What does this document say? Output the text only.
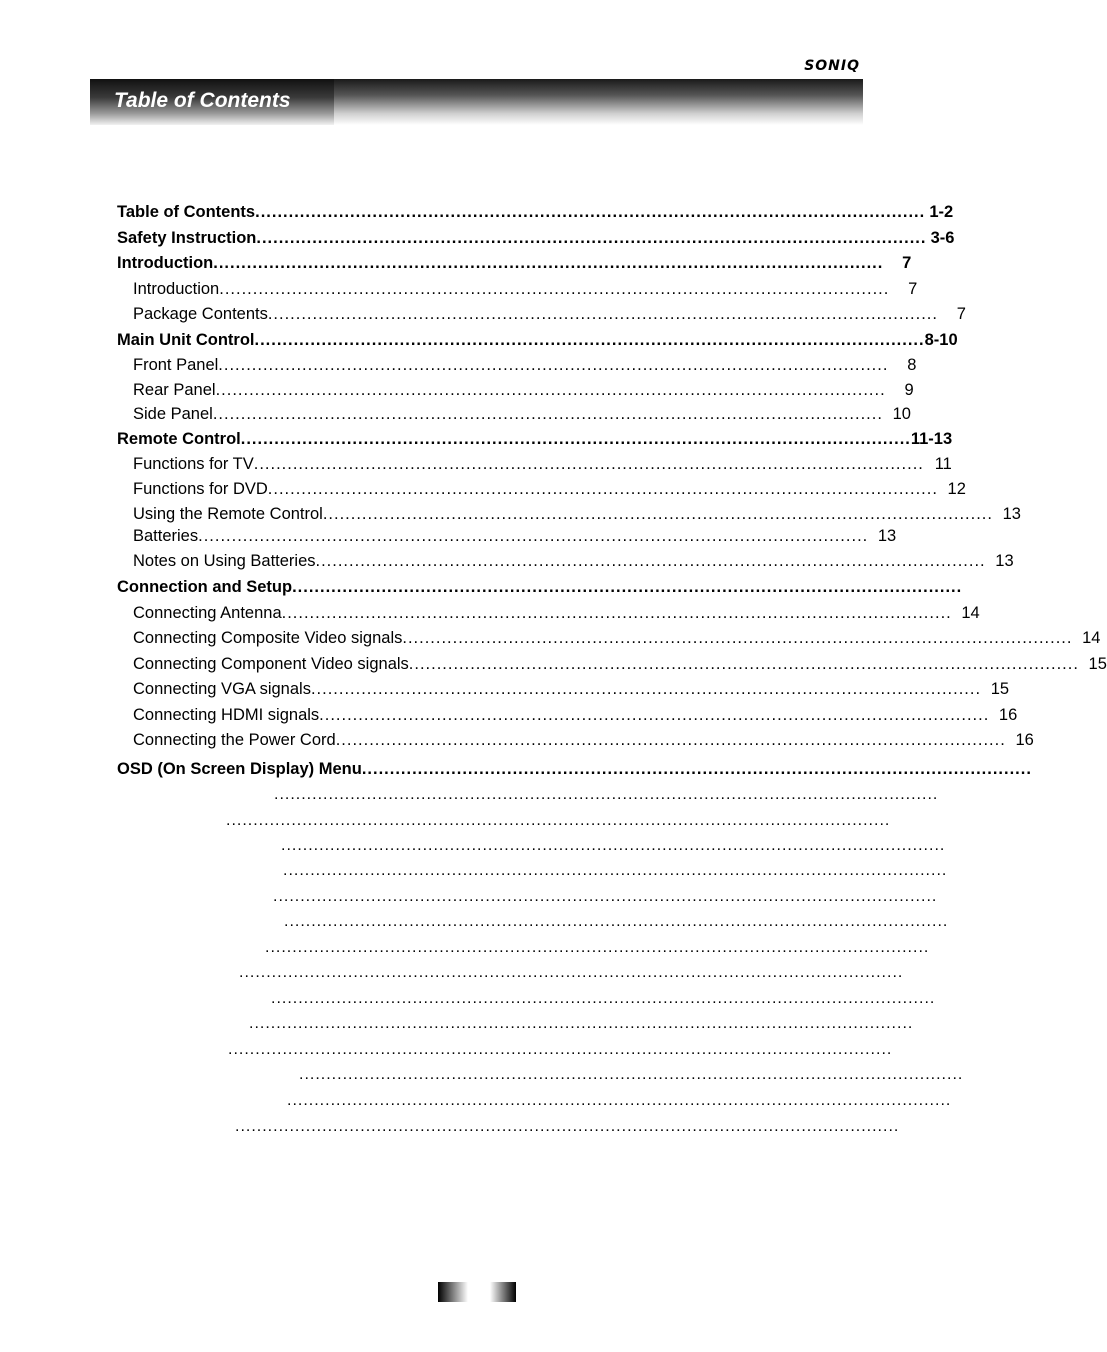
SONIQ
Table of Contents
Table of Contents ........................................................................................................................ 1-2
Safety Instruction ........................................................................................................................ 3-6
Introduction ........................................................................................................................	7
Introduction ........................................................................................................................	7
Package Contents ........................................................................................................................	7
Main Unit Control ........................................................................................................................ 8-10
Front Panel ........................................................................................................................	8
Rear Panel ........................................................................................................................	9
Side Panel ........................................................................................................................ 10
Remote Control ........................................................................................................................ 11-13
Functions for TV ........................................................................................................................ 11
Functions for DVD ........................................................................................................................ 12
Using the Remote Control ........................................................................................................................ 13
Batteries ........................................................................................................................ 13
Notes on Using Batteries ........................................................................................................................ 13
Connection and Setup ........................................................................................................................
Connecting Antenna ........................................................................................................................ 14
Connecting Composite Video signals ........................................................................................................................ 14
Connecting Component Video signals ........................................................................................................................ 15
Connecting VGA signals ........................................................................................................................ 15
Connecting HDMI signals ........................................................................................................................ 16
Connecting the Power Cord ........................................................................................................................ 16
OSD (On Screen Display) Menu ........................................................................................................................
..........................................................................................................................
..........................................................................................................................
..........................................................................................................................
..........................................................................................................................
..........................................................................................................................
..........................................................................................................................
..........................................................................................................................
..........................................................................................................................
..........................................................................................................................
..........................................................................................................................
..........................................................................................................................
..........................................................................................................................
..........................................................................................................................
..........................................................................................................................
